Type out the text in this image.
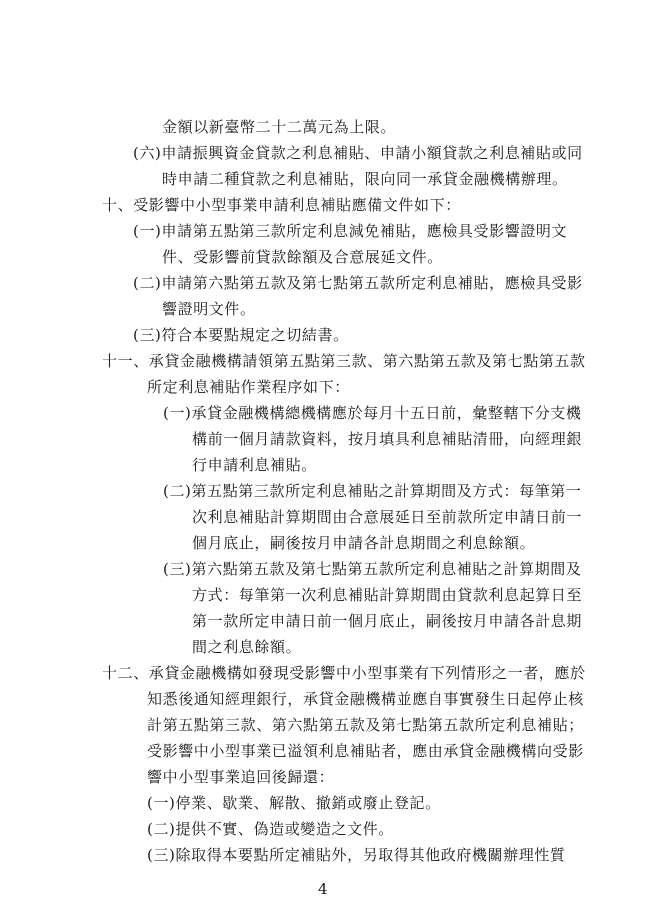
金額以新臺幣二十二萬元為上限。
(六)申請振興資金貸款之利息補貼、申請小額貸款之利息補貼或同
時申請二種貸款之利息補貼，限向同一承貸金融機構辦理。
十、受影響中小型事業申請利息補貼應備文件如下：
(一)申請第五點第三款所定利息減免補貼，應檢具受影響證明文
件、受影響前貸款餘額及合意展延文件。
(二)申請第六點第五款及第七點第五款所定利息補貼，應檢具受影
響證明文件。
(三)符合本要點規定之切結書。
十一、承貸金融機構請領第五點第三款、第六點第五款及第七點第五款
所定利息補貼作業程序如下：
(一)承貸金融機構總機構應於每月十五日前，彙整轄下分支機
構前一個月請款資料，按月填具利息補貼清冊，向經理銀
行申請利息補貼。
(二)第五點第三款所定利息補貼之計算期間及方式：每筆第一
次利息補貼計算期間由合意展延日至前款所定申請日前一
個月底止，嗣後按月申請各計息期間之利息餘額。
(三)第六點第五款及第七點第五款所定利息補貼之計算期間及
方式：每筆第一次利息補貼計算期間由貸款利息起算日至
第一款所定申請日前一個月底止，嗣後按月申請各計息期
間之利息餘額。
十二、承貸金融機構如發現受影響中小型事業有下列情形之一者，應於
知悉後通知經理銀行，承貸金融機構並應自事實發生日起停止核
計第五點第三款、第六點第五款及第七點第五款所定利息補貼；
受影響中小型事業已溢領利息補貼者，應由承貸金融機構向受影
響中小型事業追回後歸還：
(一)停業、歇業、解散、撤銷或廢止登記。
(二)提供不實、偽造或變造之文件。
(三)除取得本要點所定補貼外，另取得其他政府機關辦理性質
4
